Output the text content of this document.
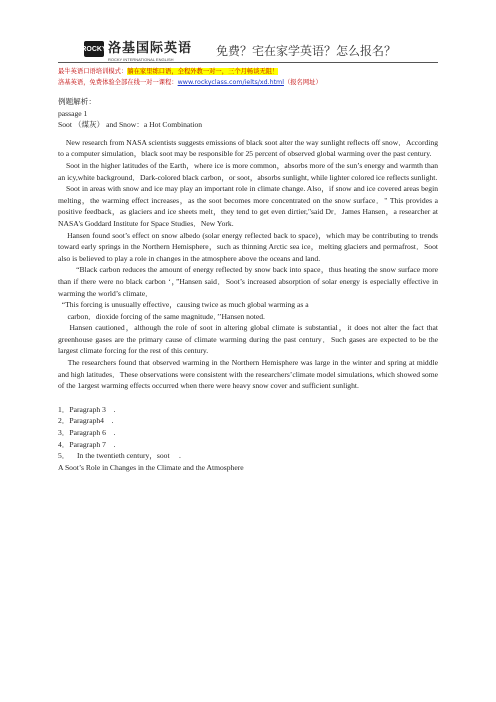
ROCKY 洛基国际英语
ROCKY INTERNATIONAL ENGLISH
免费？宅在家学英语？怎么报名？
最牛英语口语培训模式：躺在家里练口语，全程外教一对一，三个月畅谈无阻！
洛基英语，免费体验全部在线一对一课程：www.rockyclass.com/ielts/xd.html（报名网址）

例题解析：

passage 1

Soot （煤灰） and Snow：a Hot Combination

New research from NASA scientists suggests emissions of black soot alter the way sunlight reflects off snow．According to a computer simulation，black soot may be responsible for 25 percent of observed global warming over the past century.

Soot in the higher latitudes of the Earth，where ice is more common，absorbs more of the sun’s energy and warmth than an icy,white background．Dark-colored black carbon，or soot，absorbs sunlight, while lighter colored ice reflects sunlight.

Soot in areas with snow and ice may play an important role in climate change. Also，if snow and ice covered areas begin melting，the warming effect increases，as the soot becomes more concentrated on the snow surface．" This provides a positive feedback，as glaciers and ice sheets melt，they tend to get even dirtier,"said Dr．James Hansen，a researcher at NASA's Goddard Institute for Space Studies．New York.

Hansen found soot’s effect on snow albedo (solar energy reflected back to space)，which may be contributing to trends toward early springs in the Northern Hemisphere，such as thinning Arctic sea ice，melting glaciers and permafrost．Soot also is believed to play a role in changes in the atmosphere above the oceans and land.

“Black carbon reduces the amount of energy reflected by snow back into space，thus heating the snow surface more than if there were no black carbon ‘，”Hansen said．Soot’s increased absorption of solar energy is especially effective in warming the world’s climate．

“This forcing is unusually effective，causing twice as much global warming as a

carbon．dioxide forcing of the same magnitude．’’Hansen noted.

Hansen cautioned，although the role of soot in altering global climate is substantial，it does not alter the fact that greenhouse gases are the primary cause of climate warming during the past century．Such gases are expected to be the largest climate forcing for the rest of this century.

The researchers found that observed warming in the Northern Hemisphere was large in the winter and spring at middle and high latitudes．These observations were consistent with the researchers’climate model simulations, which showed some of the 1argest warming effects occurred when there were heavy snow cover and sufficient sunlight.

1．Paragraph 3    .

2．Paragraph4    .

3．Paragraph 6    .

4．Paragraph 7    .

5．    In the twentieth century，soot     .

A Soot’s Role in Changes in the Climate and the Atmosphere
